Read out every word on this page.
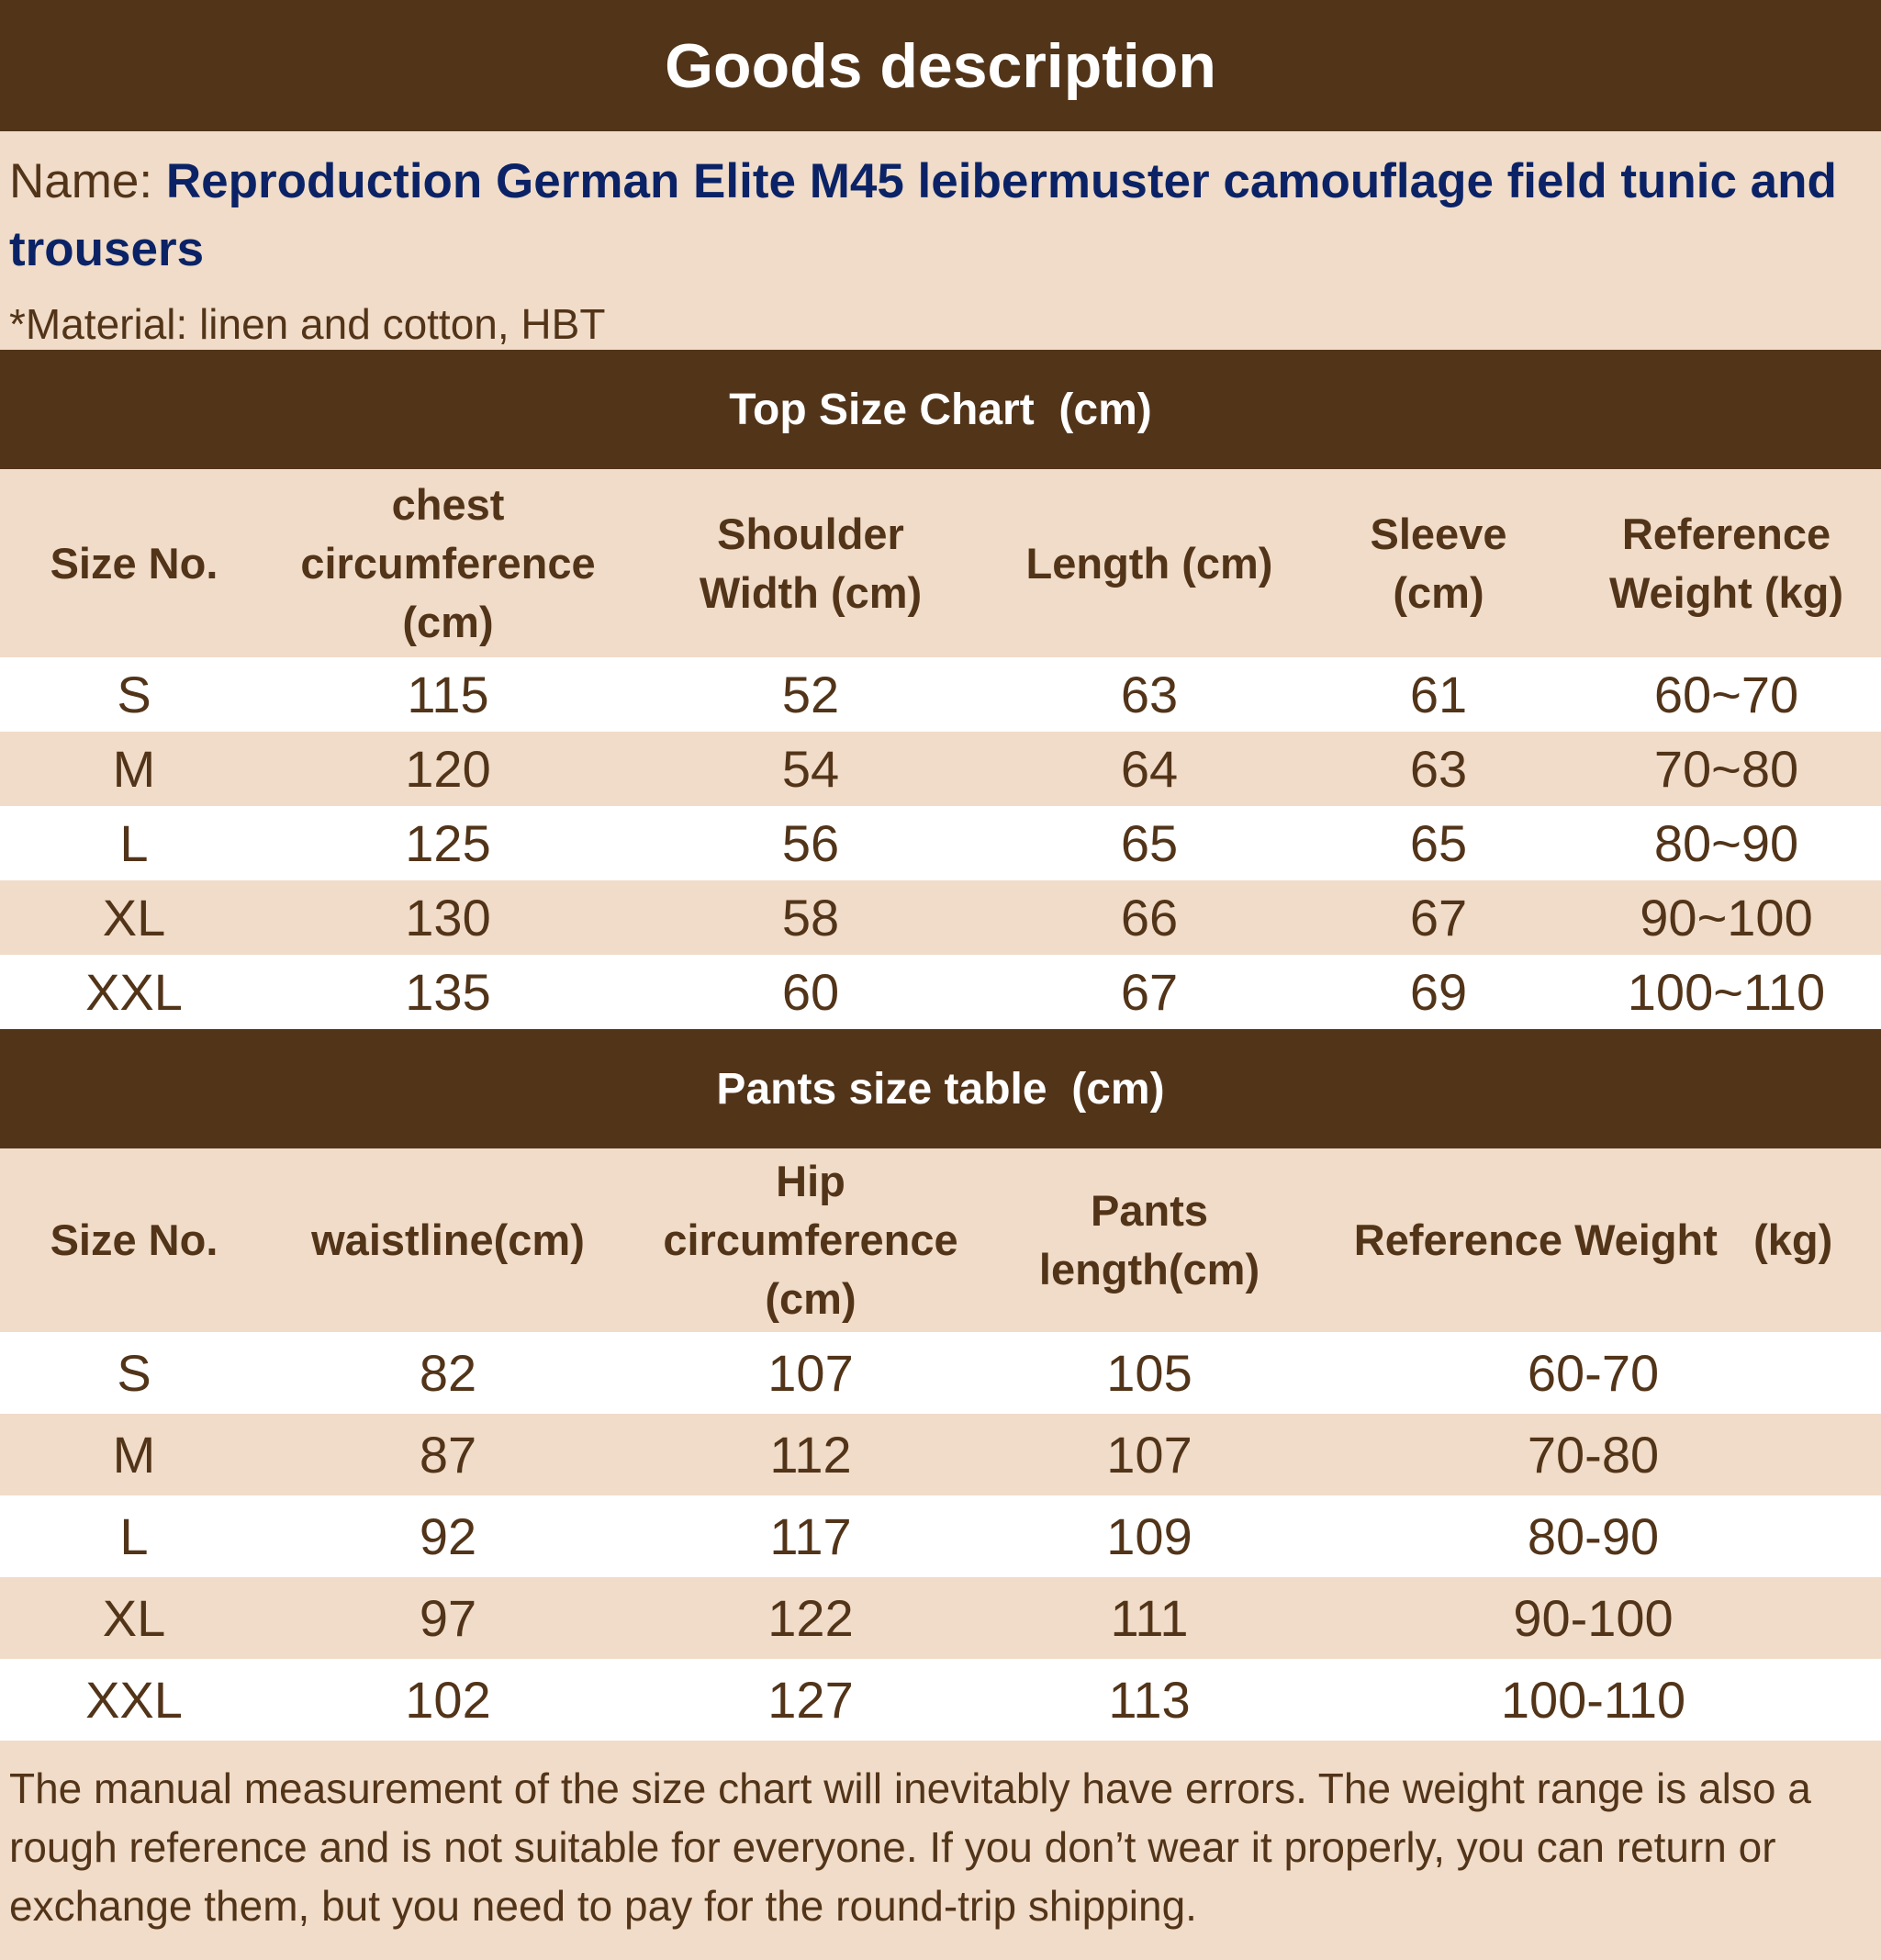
Goods description
Name: Reproduction German Elite M45 leibermuster camouflage field tunic and trousers
*Material: linen and cotton, HBT
Top Size Chart  (cm)
Size No.	chest circumference (cm)	Shoulder Width (cm)	Length (cm)	Sleeve (cm)	Reference Weight (kg)
S	115	52	63	61	60~70
M	120	54	64	63	70~80
L	125	56	65	65	80~90
XL	130	58	66	67	90~100
XXL	135	60	67	69	100~110
Pants size table  (cm)
Size No.	waistline(cm)	Hip circumference (cm)	Pants length(cm)	Reference Weight   (kg)
S	82	107	105	60-70
M	87	112	107	70-80
L	92	117	109	80-90
XL	97	122	111	90-100
XXL	102	127	113	100-110
The manual measurement of the size chart will inevitably have errors. The weight range is also a rough reference and is not suitable for everyone. If you don’t wear it properly, you can return or exchange them, but you need to pay for the round-trip shipping.
